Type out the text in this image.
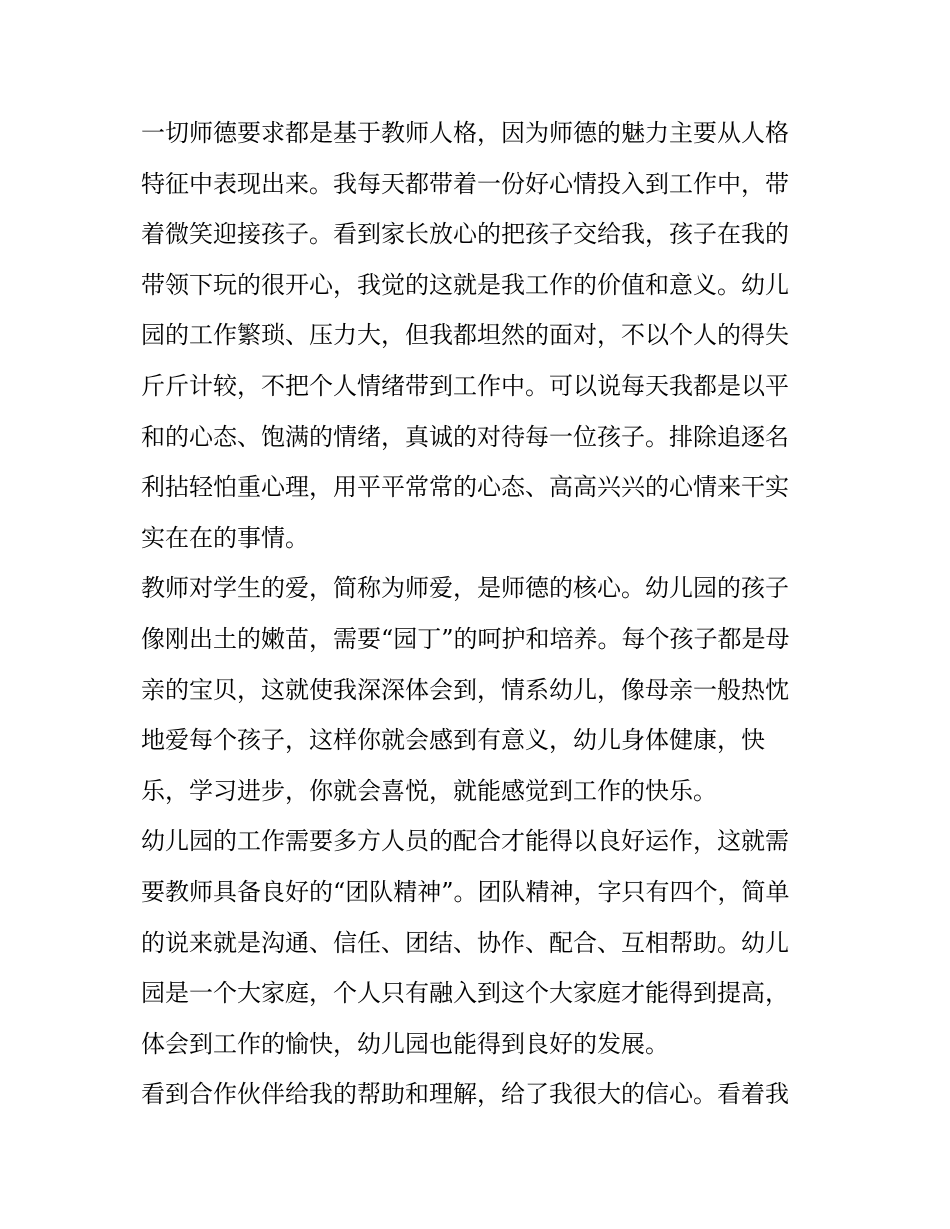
一切师德要求都是基于教师人格，因为师德的魅力主要从人格
特征中表现出来。我每天都带着一份好心情投入到工作中，带
着微笑迎接孩子。看到家长放心的把孩子交给我，孩子在我的
带领下玩的很开心，我觉的这就是我工作的价值和意义。幼儿
园的工作繁琐、压力大，但我都坦然的面对，不以个人的得失
斤斤计较，不把个人情绪带到工作中。可以说每天我都是以平
和的心态、饱满的情绪，真诚的对待每一位孩子。排除追逐名
利拈轻怕重心理，用平平常常的心态、高高兴兴的心情来干实
实在在的事情。
教师对学生的爱，简称为师爱，是师德的核心。幼儿园的孩子
像刚出土的嫩苗，需要“园丁”的呵护和培养。每个孩子都是母
亲的宝贝，这就使我深深体会到，情系幼儿，像母亲一般热忱
地爱每个孩子，这样你就会感到有意义，幼儿身体健康，快
乐，学习进步，你就会喜悦，就能感觉到工作的快乐。
幼儿园的工作需要多方人员的配合才能得以良好运作，这就需
要教师具备良好的“团队精神”。团队精神，字只有四个，简单
的说来就是沟通、信任、团结、协作、配合、互相帮助。幼儿
园是一个大家庭，个人只有融入到这个大家庭才能得到提高，
体会到工作的愉快，幼儿园也能得到良好的发展。
看到合作伙伴给我的帮助和理解，给了我很大的信心。看着我
